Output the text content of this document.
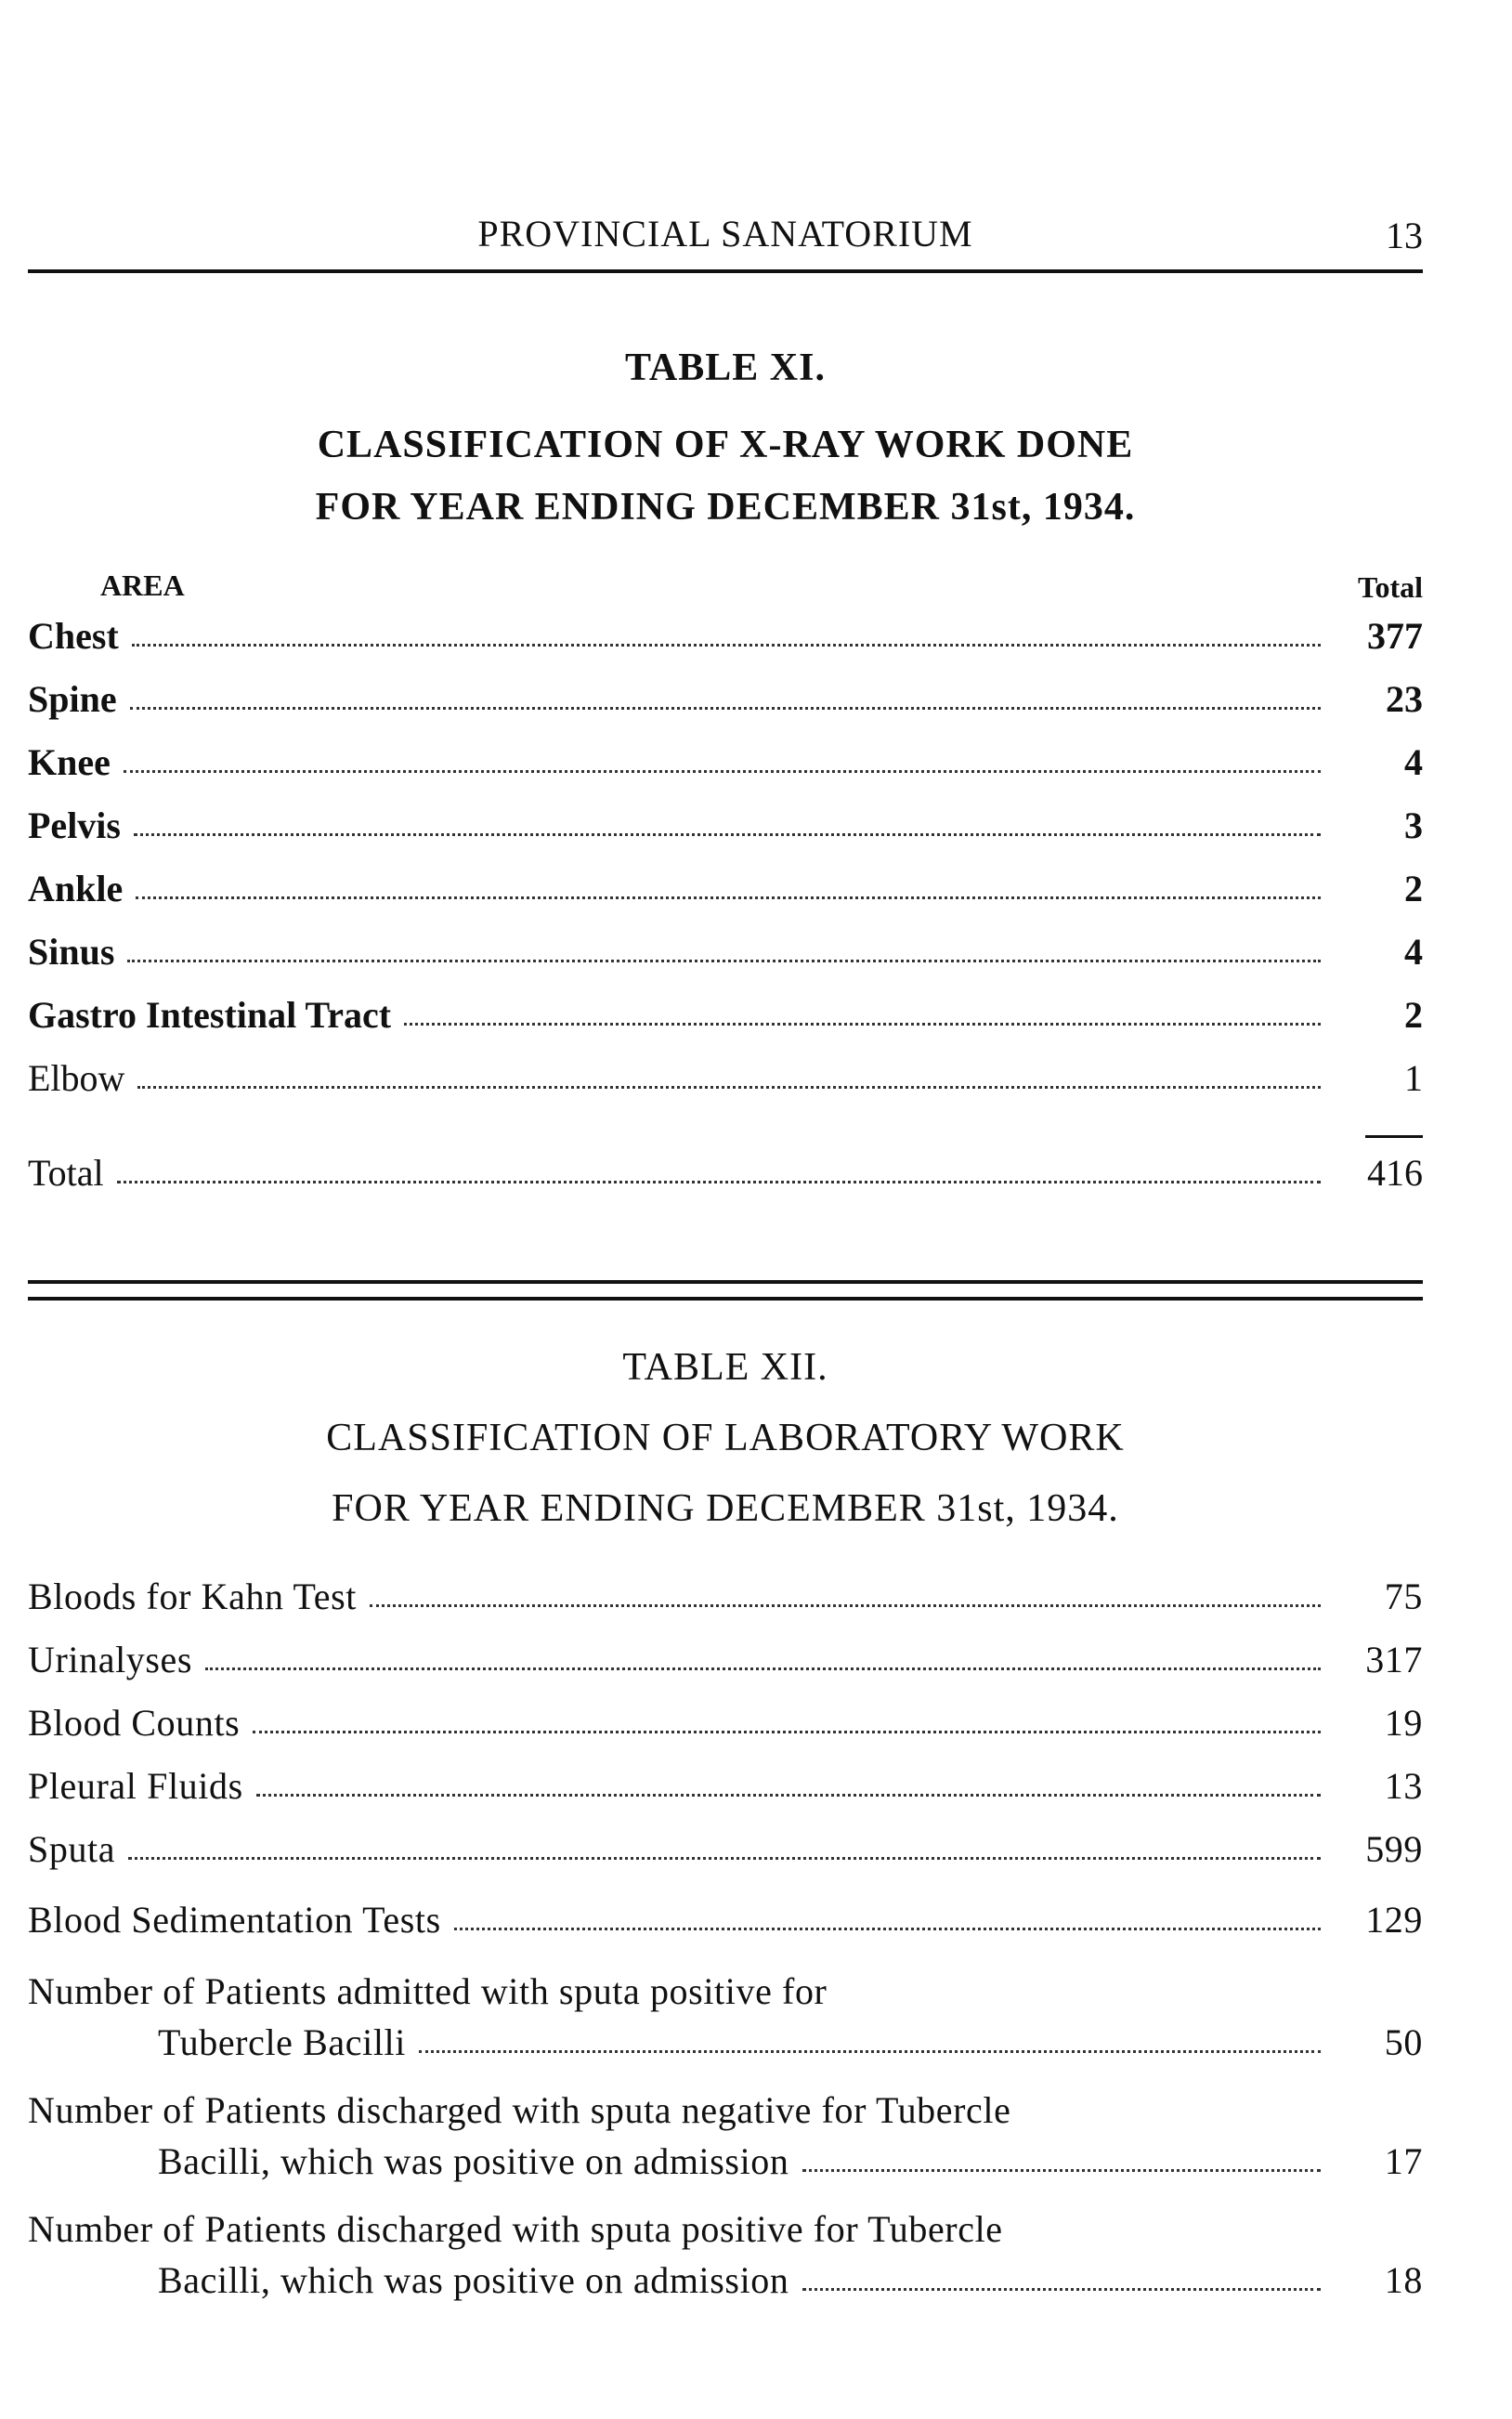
PROVINCIAL SANATORIUM	13
TABLE XI.
CLASSIFICATION OF X-RAY WORK DONE
FOR YEAR ENDING DECEMBER 31st, 1934.
AREA	Total
Chest	377
Spine	23
Knee	4
Pelvis	3
Ankle	2
Sinus	4
Gastro Intestinal Tract	2
Elbow	1
Total	416
TABLE XII.
CLASSIFICATION OF LABORATORY WORK
FOR YEAR ENDING DECEMBER 31st, 1934.
Bloods for Kahn Test	75
Urinalyses	317
Blood Counts	19
Pleural Fluids	13
Sputa	599
Blood Sedimentation Tests	129
Number of Patients admitted with sputa positive for
Tubercle Bacilli	50
Number of Patients discharged with sputa negative for Tubercle
Bacilli, which was positive on admission	17
Number of Patients discharged with sputa positive for Tubercle
Bacilli, which was positive on admission	18
